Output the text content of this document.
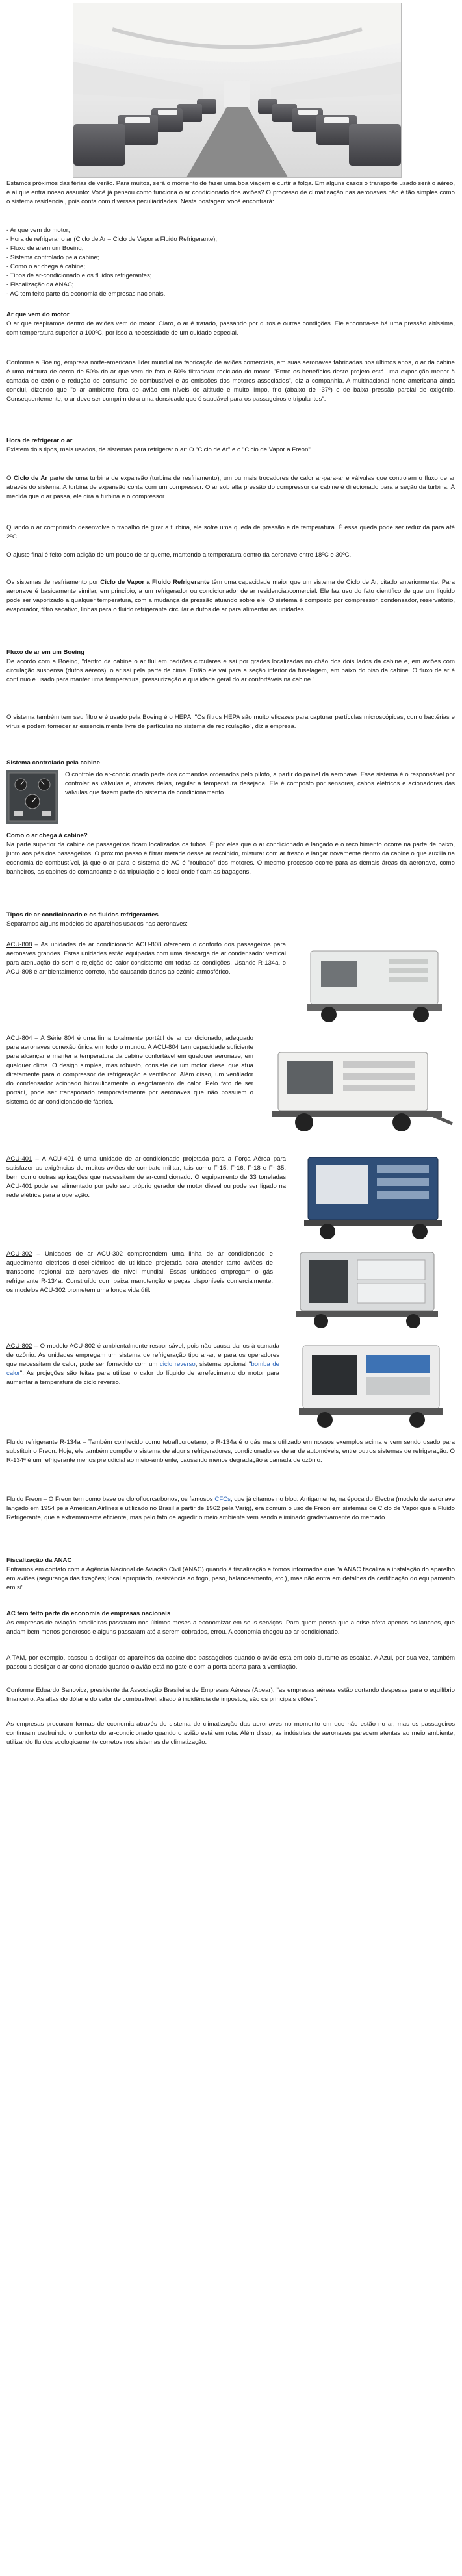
Estamos próximos das férias de verão. Para muitos, será o momento de fazer uma boa viagem e curtir a folga. Em alguns casos o transporte usado será o aéreo, é aí que entra nosso assunto: Você já pensou como funciona o ar condicionado dos aviões? O processo de climatização nas aeronaves não é tão simples como o sistema residencial, pois conta com diversas peculiaridades. Nesta postagem você encontrará:

- Ar que vem do motor;
- Hora de refrigerar o ar (Ciclo de Ar – Ciclo de Vapor a Fluido Refrigerante);
- Fluxo de arem um Boeing;
- Sistema controlado pela cabine;
- Como o ar chega à cabine;
- Tipos de ar-condicionado e os fluidos refrigerantes;
- Fiscalização da ANAC;
- AC tem feito parte da economia de empresas nacionais.
Ar que vem do motor

O ar que respiramos dentro de aviões vem do motor. Claro, o ar é tratado, passando por dutos e outras condições. Ele encontra-se há uma pressão altíssima, com temperatura superior a 100ºC, por isso a necessidade de um cuidado especial.

Conforme a Boeing, empresa norte-americana líder mundial na fabricação de aviões comerciais, em suas aeronaves fabricadas nos últimos anos, o ar da cabine é uma mistura de cerca de 50% do ar que vem de fora e 50% filtrado/ar reciclado do motor. "Entre os benefícios deste projeto está uma exposição menor à camada de ozônio e redução do consumo de combustível e às emissões dos motores associados", diz a companhia. A multinacional norte-americana ainda conclui, dizendo que "o ar ambiente fora do avião em níveis de altitude é muito limpo, frio (abaixo de -37º) e de baixa pressão parcial de oxigênio. Consequentemente, o ar deve ser comprimido a uma densidade que é saudável para os passageiros e tripulantes".

Hora de refrigerar o ar

Existem dois tipos, mais usados, de sistemas para refrigerar o ar: O "Ciclo de Ar" e o "Ciclo de Vapor a Freon".

O Ciclo de Ar parte de uma turbina de expansão (turbina de resfriamento), um ou mais trocadores de calor ar-para-ar e válvulas que controlam o fluxo de ar através do sistema. A turbina de expansão conta com um compressor. O ar sob alta pressão do compressor da cabine é direcionado para a seção da turbina. À medida que o ar passa, ele gira a turbina e o compressor.

Quando o ar comprimido desenvolve o trabalho de girar a turbina, ele sofre uma queda de pressão e de temperatura. É essa queda pode ser reduzida para até 2ºC.

O ajuste final é feito com adição de um pouco de ar quente, mantendo a temperatura dentro da aeronave entre 18ºC e 30ºC.

Os sistemas de resfriamento por Ciclo de Vapor a Fluido Refrigerante têm uma capacidade maior que um sistema de Ciclo de Ar, citado anteriormente. Para aeronave é basicamente similar, em princípio, a um refrigerador ou condicionador de ar residencial/comercial. Ele faz uso do fato científico de que um líquido pode ser vaporizado a qualquer temperatura, com a mudança da pressão atuando sobre ele. O sistema é composto por compressor, condensador, reservatório, evaporador, filtro secativo, linhas para o fluido refrigerante circular e dutos de ar para alimentar as unidades.

Fluxo de ar em um Boeing

De acordo com a Boeing, "dentro da cabine o ar flui em padrões circulares e sai por grades localizadas no chão dos dois lados da cabine e, em aviões com circulação suspensa (dutos aéreos), o ar sai pela parte de cima. Então ele vai para a seção inferior da fuselagem, em baixo do piso da cabine. O fluxo de ar é contínuo e usado para manter uma temperatura, pressurização e qualidade geral do ar confortáveis na cabine."

O sistema também tem seu filtro e é usado pela Boeing é o HEPA. "Os filtros HEPA são muito eficazes para capturar partículas microscópicas, como bactérias e vírus e podem fornecer ar essencialmente livre de partículas no sistema de recirculação", diz a empresa.

Sistema controlado pela cabine

O controle do ar-condicionado parte dos comandos ordenados pelo piloto, a partir do painel da aeronave. Esse sistema é o responsável por controlar as válvulas e, através delas, regular a temperatura desejada. Ele é composto por sensores, cabos elétricos e acionadores das válvulas que fazem parte do sistema de condicionamento.

Como o ar chega à cabine?

Na parte superior da cabine de passageiros ficam localizados os tubos. É por eles que o ar condicionado é lançado e o recolhimento ocorre na parte de baixo, junto aos pés dos passageiros. O próximo passo é filtrar metade desse ar recolhido, misturar com ar fresco e lançar novamente dentro da cabine o que auxilia na economia de combustível, já que o ar para o sistema de AC é "roubado" dos motores. O mesmo processo ocorre para as demais áreas da aeronave, como banheiros, as cabines do comandante e da tripulação e o local onde ficam as bagagens.

Tipos de ar-condicionado e os fluidos refrigerantes
Separamos alguns modelos de aparelhos usados nas aeronaves:

ACU-808 – As unidades de ar condicionado ACU-808 oferecem o conforto dos passageiros para aeronaves grandes. Estas unidades estão equipadas com uma descarga de ar condensador vertical para atenuação do som e rejeição de calor consistente em todas as condições. Usando R-134a, o ACU-808 é ambientalmente correto, não causando danos ao ozônio atmosférico.

ACU-804 – A Série 804 é uma linha totalmente portátil de ar condicionado, adequado para aeronaves conexão única em todo o mundo. A ACU-804 tem capacidade suficiente para alcançar e manter a temperatura da cabine confortável em qualquer aeronave, em qualquer clima. O design simples, mas robusto, consiste de um motor diesel que atua diretamente para o compressor de refrigeração e ventilador. Além disso, um ventilador do condensador acionado hidraulicamente o esgotamento de calor. Pelo fato de ser portátil, pode ser transportado temporariamente por aeronaves que não possuem o sistema de ar-condicionado de fábrica.

ACU-401 – A ACU-401 é uma unidade de ar-condicionado projetada para a Força Aérea para satisfazer as exigências de muitos aviões de combate militar, tais como F-15, F-16, F-18 e F- 35, bem como outras aplicações que necessitem de ar-condicionado. O equipamento de 33 toneladas ACU-401 pode ser alimentado por pelo seu próprio gerador de motor diesel ou pode ser ligado na rede elétrica para a operação.

ACU-302 – Unidades de ar ACU-302 compreendem uma linha de ar condicionado e aquecimento elétricos diesel-elétricos de utilidade projetada para atender tanto aviões de transporte regional até aeronaves de nível mundial. Essas unidades empregam o gás refrigerante R-134a. Construído com baixa manutenção e peças disponíveis comercialmente, os modelos ACU-302 prometem uma longa vida útil.

ACU-802 – O modelo ACU-802 é ambientalmente responsável, pois não causa danos à camada de ozônio. As unidades empregam um sistema de refrigeração tipo ar-ar, e para os operadores que necessitam de calor, pode ser fornecido com um ciclo reverso, sistema opcional "bomba de calor". As projeções são feitas para utilizar o calor do líquido de arrefecimento do motor para aumentar a temperatura de ciclo reverso.

Fluido refrigerante R-134a – Também conhecido como tetrafluoroetano, o R-134a é o gás mais utilizado em nossos exemplos acima e vem sendo usado para substituir o Freon. Hoje, ele também compõe o sistema de alguns refrigeradores, condicionadores de ar de automóveis, entre outros sistemas de refrigeração. O R-134ª é um refrigerante menos prejudicial ao meio-ambiente, causando menos degradação à camada de ozônio.

Fluido Freon – O Freon tem como base os clorofluorcarbonos, os famosos CFCs, que já citamos no blog. Antigamente, na época do Electra (modelo de aeronave lançado em 1954 pela American Airlines e utilizado no Brasil a partir de 1962 pela Varig), era comum o uso de Freon em sistemas de Ciclo de Vapor que a Fluido Refrigerante, que é extremamente eficiente, mas pelo fato de agredir o meio ambiente vem sendo eliminado gradativamente do mercado.

Fiscalização da ANAC

Entramos em contato com a Agência Nacional de Aviação Civil (ANAC) quando à fiscalização e fomos informados que "a ANAC fiscaliza a instalação do aparelho em aviões (segurança das fixações; local apropriado, resistência ao fogo, peso, balanceamento, etc.), mas não entra em detalhes da certificação do equipamento em si".

AC tem feito parte da economia de empresas nacionais

As empresas de aviação brasileiras passaram nos últimos meses a economizar em seus serviços. Para quem pensa que a crise afeta apenas os lanches, que andam bem menos generosos e alguns passaram até a serem cobrados, errou. A economia chegou ao ar-condicionado.

A TAM, por exemplo, passou a desligar os aparelhos da cabine dos passageiros quando o avião está em solo durante as escalas. A Azul, por sua vez, também passou a desligar o ar-condicionado quando o avião está no gate e com a porta aberta para a ventilação.

Conforme Eduardo Sanovicz, presidente da Associação Brasileira de Empresas Aéreas (Abear), "as empresas aéreas estão cortando despesas para o equilíbrio financeiro. As altas do dólar e do valor de combustível, aliado à incidência de impostos, são os principais vilões".

As empresas procuram formas de economia através do sistema de climatização das aeronaves no momento em que não estão no ar, mas os passageiros continuam usufruindo o conforto do ar-condicionado quando o avião está em rota. Além disso, as indústrias de aeronaves parecem atentas ao meio ambiente, utilizando fluidos ecologicamente corretos nos sistemas de climatização.
